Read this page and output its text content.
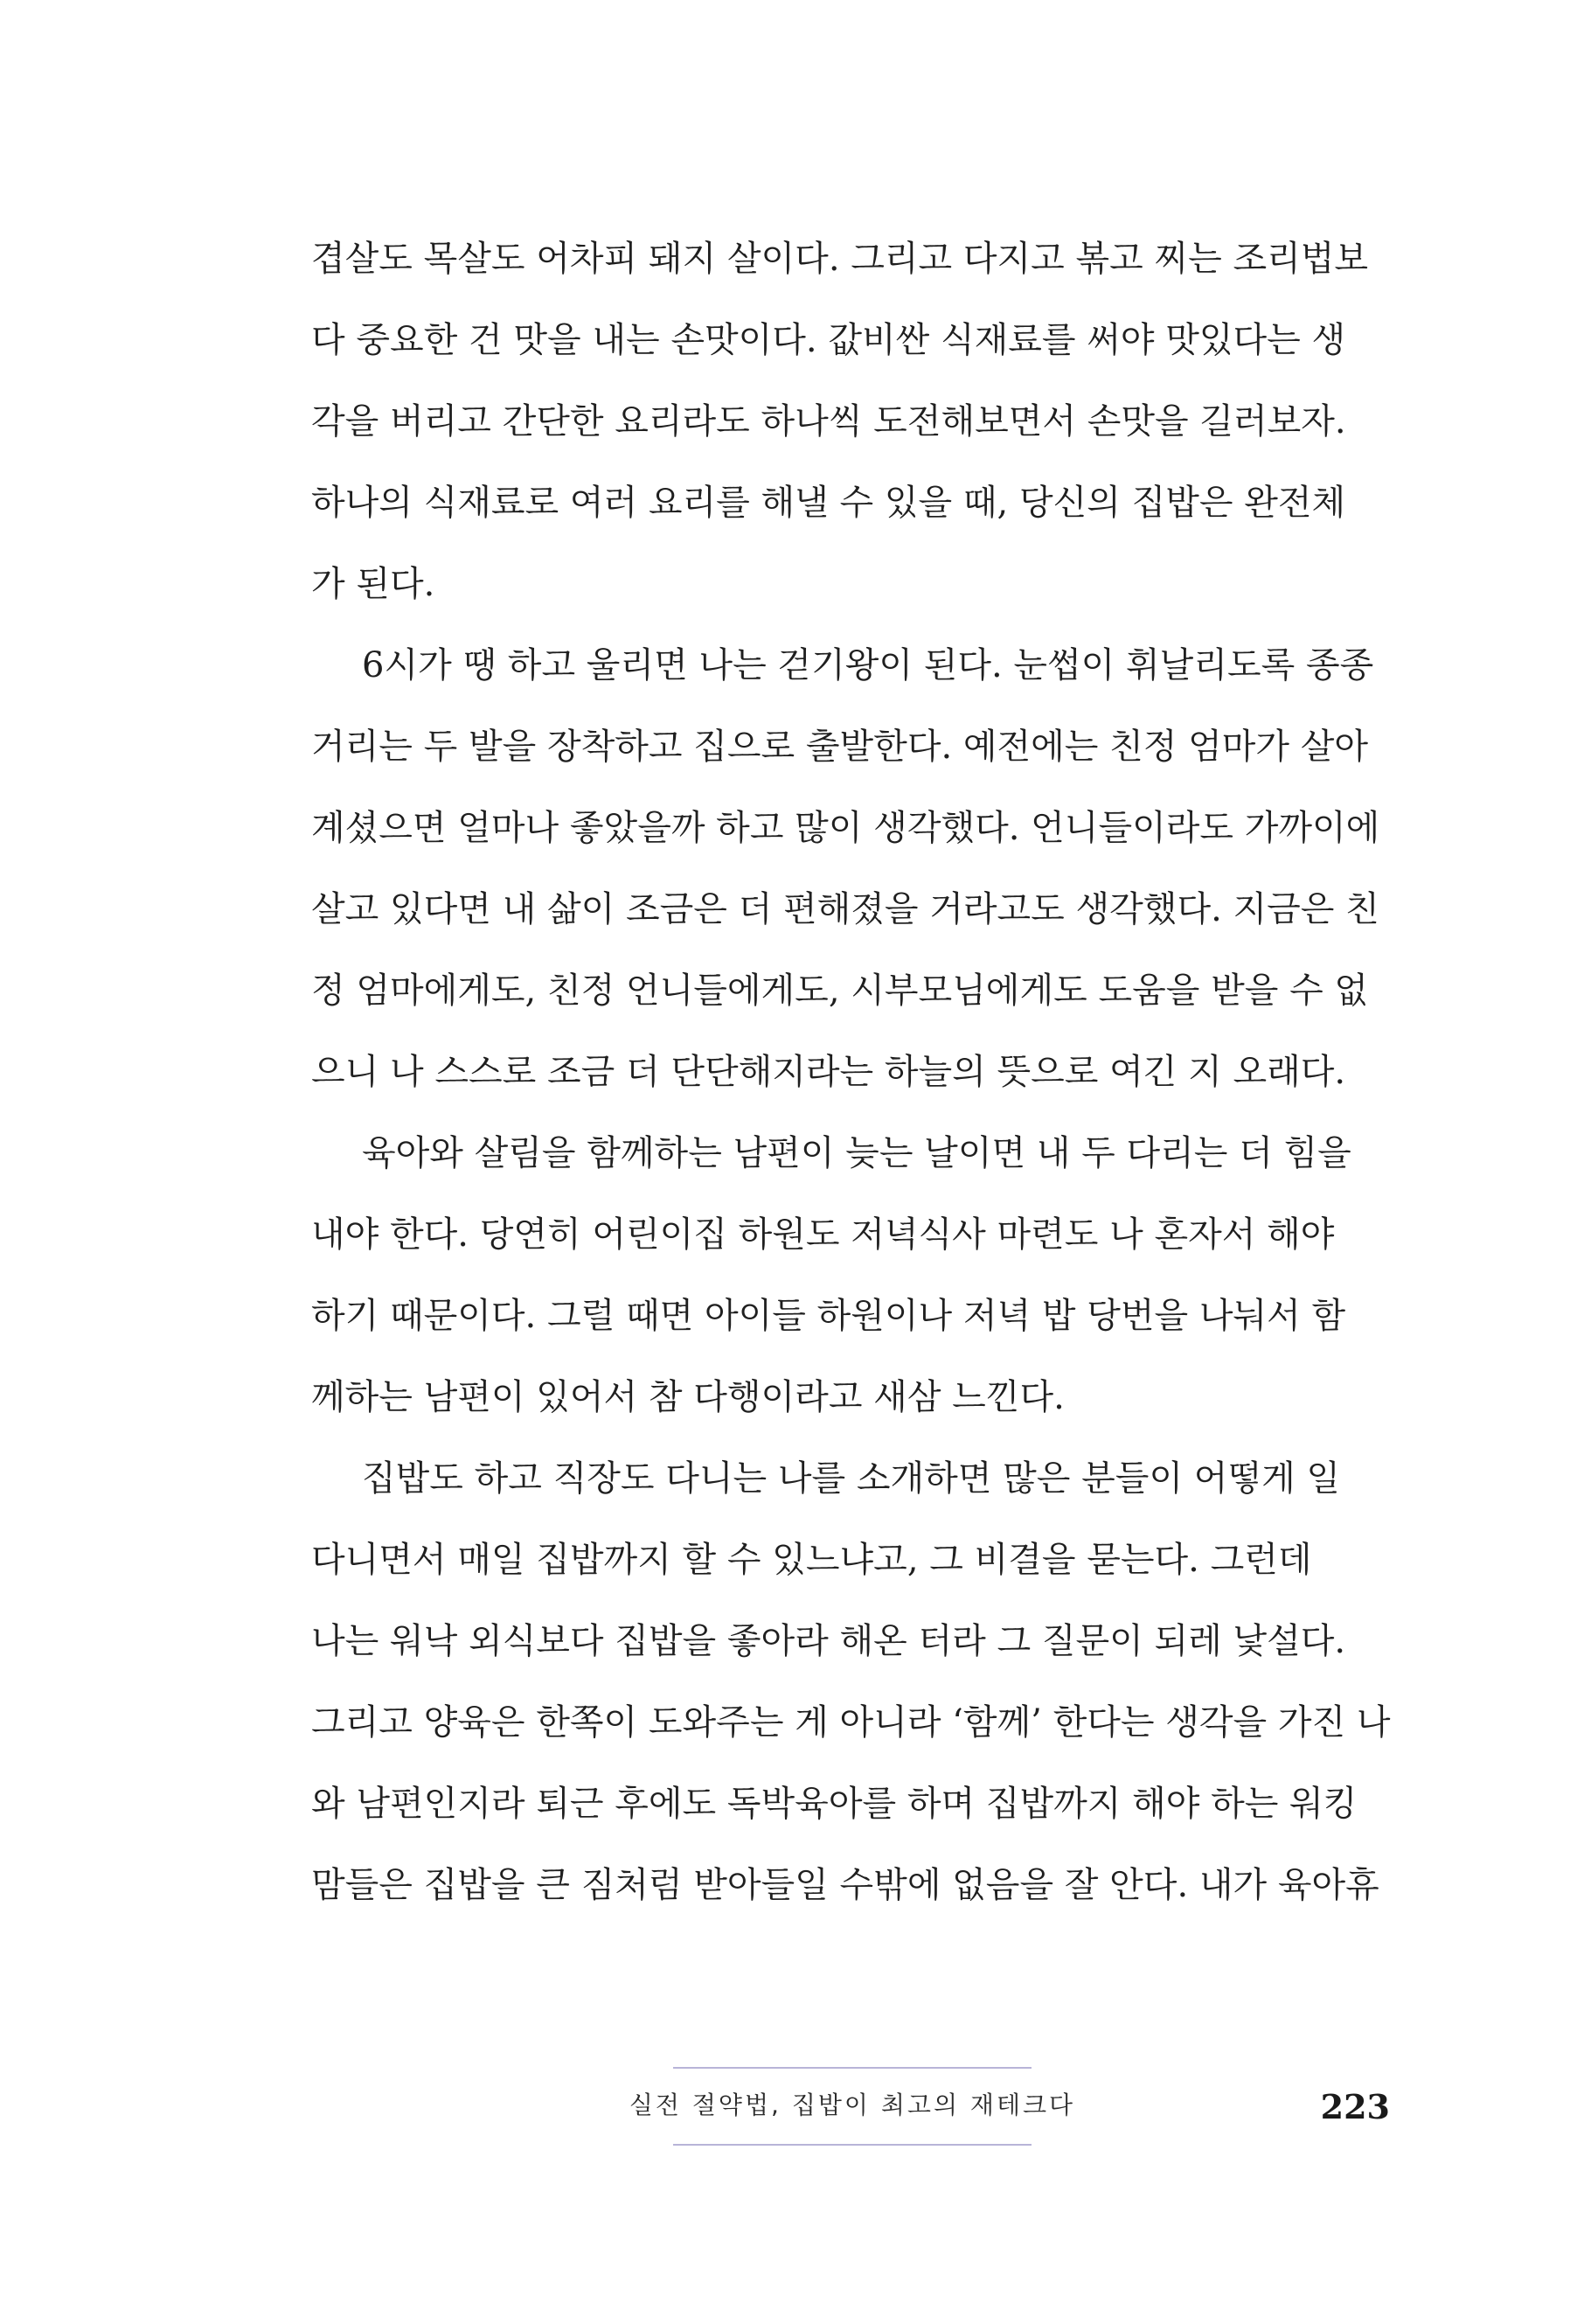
겹살도 목살도 어차피 돼지 살이다. 그리고 다지고 볶고 찌는 조리법보
다 중요한 건 맛을 내는 손맛이다. 값비싼 식재료를 써야 맛있다는 생
각을 버리고 간단한 요리라도 하나씩 도전해보면서 손맛을 길러보자.
하나의 식재료로 여러 요리를 해낼 수 있을 때, 당신의 집밥은 완전체
가 된다.
6시가 땡 하고 울리면 나는 걷기왕이 된다. 눈썹이 휘날리도록 종종
거리는 두 발을 장착하고 집으로 출발한다. 예전에는 친정 엄마가 살아
계셨으면 얼마나 좋았을까 하고 많이 생각했다. 언니들이라도 가까이에
살고 있다면 내 삶이 조금은 더 편해졌을 거라고도 생각했다. 지금은 친
정 엄마에게도, 친정 언니들에게도, 시부모님에게도 도움을 받을 수 없
으니 나 스스로 조금 더 단단해지라는 하늘의 뜻으로 여긴 지 오래다.
육아와 살림을 함께하는 남편이 늦는 날이면 내 두 다리는 더 힘을
내야 한다. 당연히 어린이집 하원도 저녁식사 마련도 나 혼자서 해야
하기 때문이다. 그럴 때면 아이들 하원이나 저녁 밥 당번을 나눠서 함
께하는 남편이 있어서 참 다행이라고 새삼 느낀다.
집밥도 하고 직장도 다니는 나를 소개하면 많은 분들이 어떻게 일
다니면서 매일 집밥까지 할 수 있느냐고, 그 비결을 묻는다. 그런데
나는 워낙 외식보다 집밥을 좋아라 해온 터라 그 질문이 되레 낯설다.
그리고 양육은 한쪽이 도와주는 게 아니라 ‘함께’ 한다는 생각을 가진 나
와 남편인지라 퇴근 후에도 독박육아를 하며 집밥까지 해야 하는 워킹
맘들은 집밥을 큰 짐처럼 받아들일 수밖에 없음을 잘 안다. 내가 육아휴
실전 절약법, 집밥이 최고의 재테크다	223
